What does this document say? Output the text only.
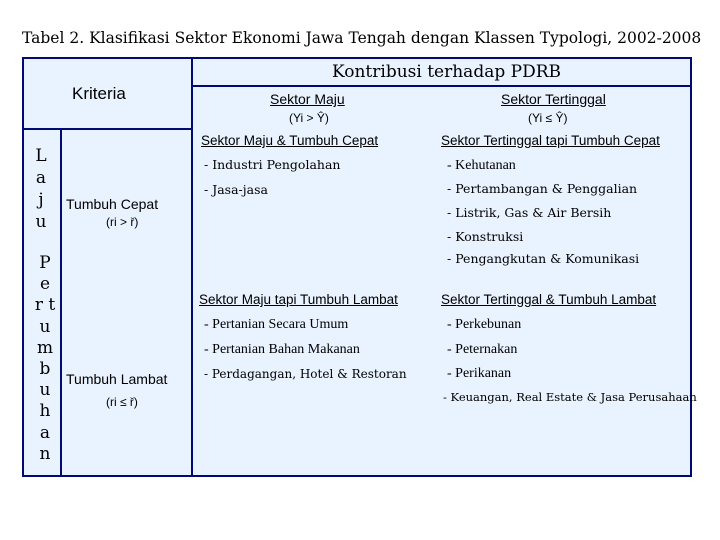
Tabel 2. Klasifikasi Sektor Ekonomi Jawa Tengah dengan Klassen Typologi, 2002-2008
Kriteria
Kontribusi terhadap PDRB
Sektor Maju
(Yi > Ŷ)
Sektor Tertinggal
(Yi ≤ Ŷ)
L
a
j
u
P
e
r t
u
m
b
u
h
a
n
Tumbuh Cepat
(ri > ř)
Tumbuh Lambat
(ri ≤ ř)
Sektor Maju & Tumbuh Cepat
- Industri Pengolahan
- Jasa-jasa
Sektor Tertinggal tapi Tumbuh Cepat
- Kehutanan
- Pertambangan & Penggalian
- Listrik, Gas & Air Bersih
- Konstruksi
- Pengangkutan & Komunikasi
Sektor Maju tapi Tumbuh Lambat
- Pertanian Secara Umum
- Pertanian Bahan Makanan
- Perdagangan, Hotel & Restoran
Sektor Tertinggal & Tumbuh Lambat
- Perkebunan
- Peternakan
- Perikanan
- Keuangan, Real Estate & Jasa Perusahaan
